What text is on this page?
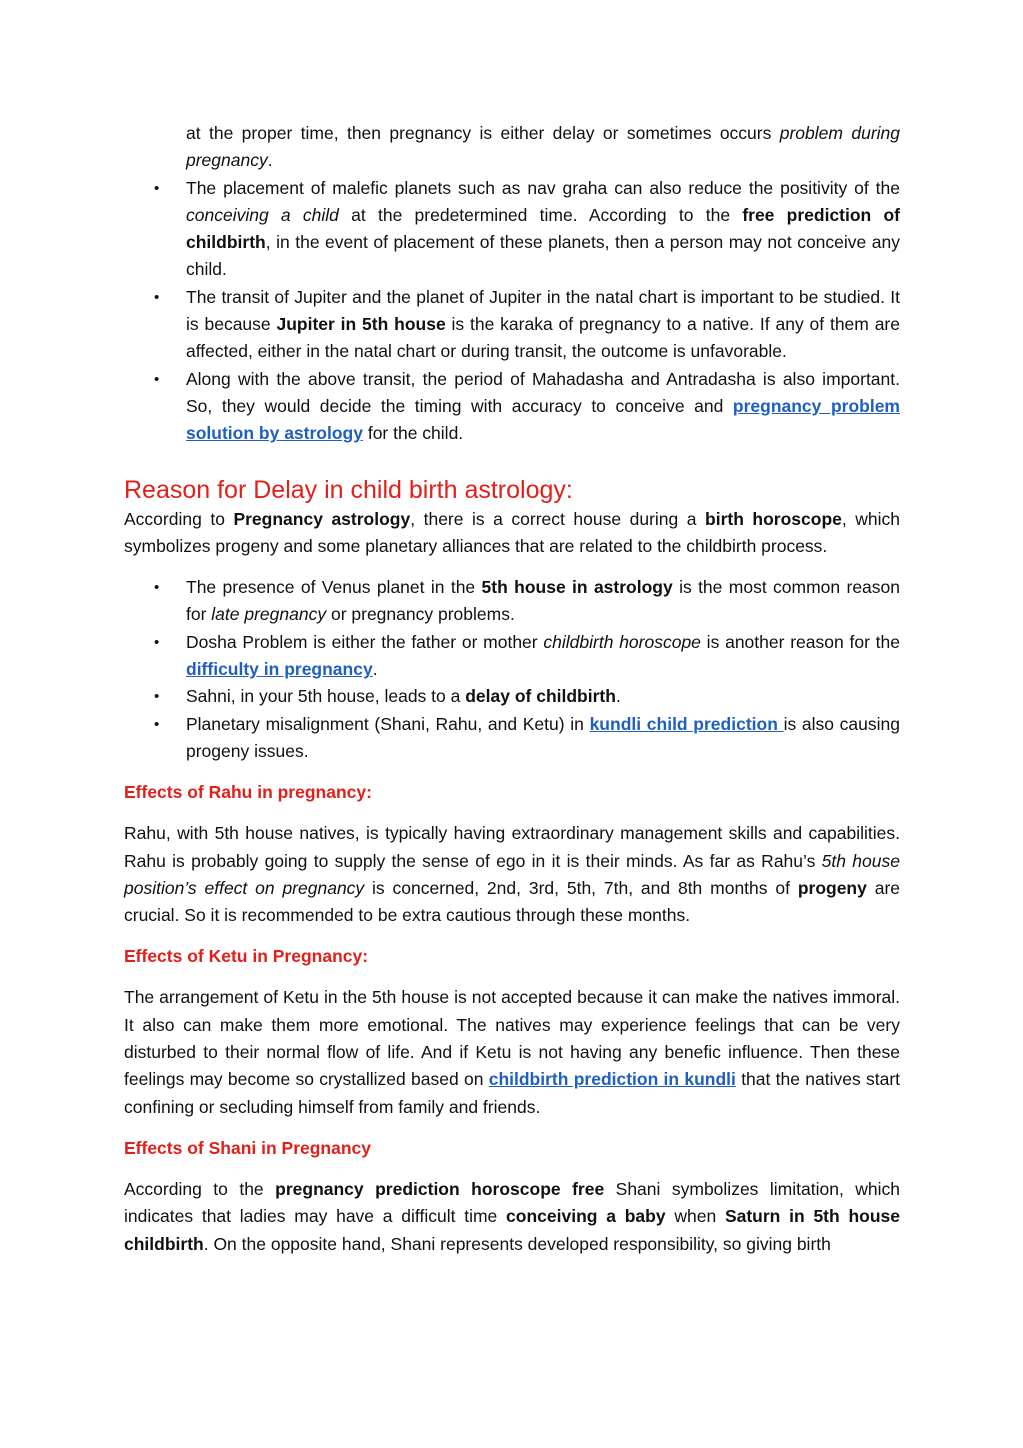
at the proper time, then pregnancy is either delay or sometimes occurs problem during pregnancy.

• The placement of malefic planets such as nav graha can also reduce the positivity of the conceiving a child at the predetermined time. According to the free prediction of childbirth, in the event of placement of these planets, then a person may not conceive any child.
• The transit of Jupiter and the planet of Jupiter in the natal chart is important to be studied. It is because Jupiter in 5th house is the karaka of pregnancy to a native. If any of them are affected, either in the natal chart or during transit, the outcome is unfavorable.
• Along with the above transit, the period of Mahadasha and Antradasha is also important. So, they would decide the timing with accuracy to conceive and pregnancy problem solution by astrology for the child.
Reason for Delay in child birth astrology:

According to Pregnancy astrology, there is a correct house during a birth horoscope, which symbolizes progeny and some planetary alliances that are related to the childbirth process.

• The presence of Venus planet in the 5th house in astrology is the most common reason for late pregnancy or pregnancy problems.
• Dosha Problem is either the father or mother childbirth horoscope is another reason for the difficulty in pregnancy.
• Sahni, in your 5th house, leads to a delay of childbirth.
• Planetary misalignment (Shani, Rahu, and Ketu) in kundli child prediction is also causing progeny issues.
Effects of Rahu in pregnancy:

Rahu, with 5th house natives, is typically having extraordinary management skills and capabilities. Rahu is probably going to supply the sense of ego in it is their minds. As far as Rahu’s 5th house position’s effect on pregnancy is concerned, 2nd, 3rd, 5th, 7th, and 8th months of progeny are crucial. So it is recommended to be extra cautious through these months.

Effects of Ketu in Pregnancy:

The arrangement of Ketu in the 5th house is not accepted because it can make the natives immoral. It also can make them more emotional. The natives may experience feelings that can be very disturbed to their normal flow of life. And if Ketu is not having any benefic influence. Then these feelings may become so crystallized based on childbirth prediction in kundli that the natives start confining or secluding himself from family and friends.

Effects of Shani in Pregnancy

According to the pregnancy prediction horoscope free Shani symbolizes limitation, which indicates that ladies may have a difficult time conceiving a baby when Saturn in 5th house childbirth. On the opposite hand, Shani represents developed responsibility, so giving birth
